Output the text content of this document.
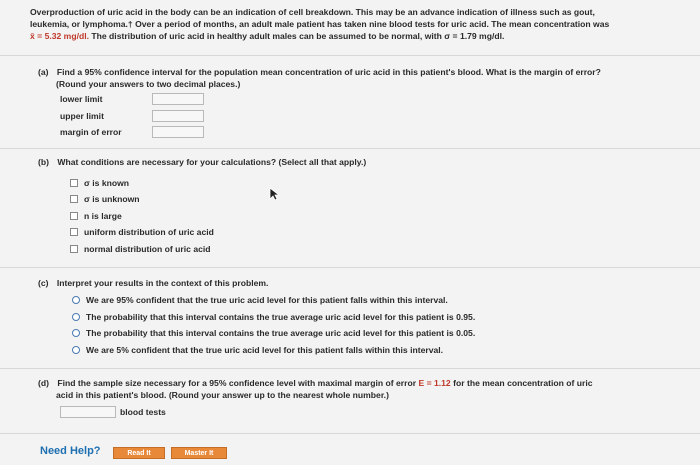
Overproduction of uric acid in the body can be an indication of cell breakdown. This may be an advance indication of illness such as gout,
leukemia, or lymphoma.† Over a period of months, an adult male patient has taken nine blood tests for uric acid. The mean concentration was
x̄ = 5.32 mg/dl. The distribution of uric acid in healthy adult males can be assumed to be normal, with σ = 1.79 mg/dl.
(a) Find a 95% confidence interval for the population mean concentration of uric acid in this patient's blood. What is the margin of error?
(Round your answers to two decimal places.)
lower limit
upper limit
margin of error
(b) What conditions are necessary for your calculations? (Select all that apply.)
σ is known
σ is unknown
n is large
uniform distribution of uric acid
normal distribution of uric acid
(c) Interpret your results in the context of this problem.
We are 95% confident that the true uric acid level for this patient falls within this interval.
The probability that this interval contains the true average uric acid level for this patient is 0.95.
The probability that this interval contains the true average uric acid level for this patient is 0.05.
We are 5% confident that the true uric acid level for this patient falls within this interval.
(d) Find the sample size necessary for a 95% confidence level with maximal margin of error E = 1.12 for the mean concentration of uric
acid in this patient's blood. (Round your answer up to the nearest whole number.)
blood tests
Need Help?	Read It	Master It
